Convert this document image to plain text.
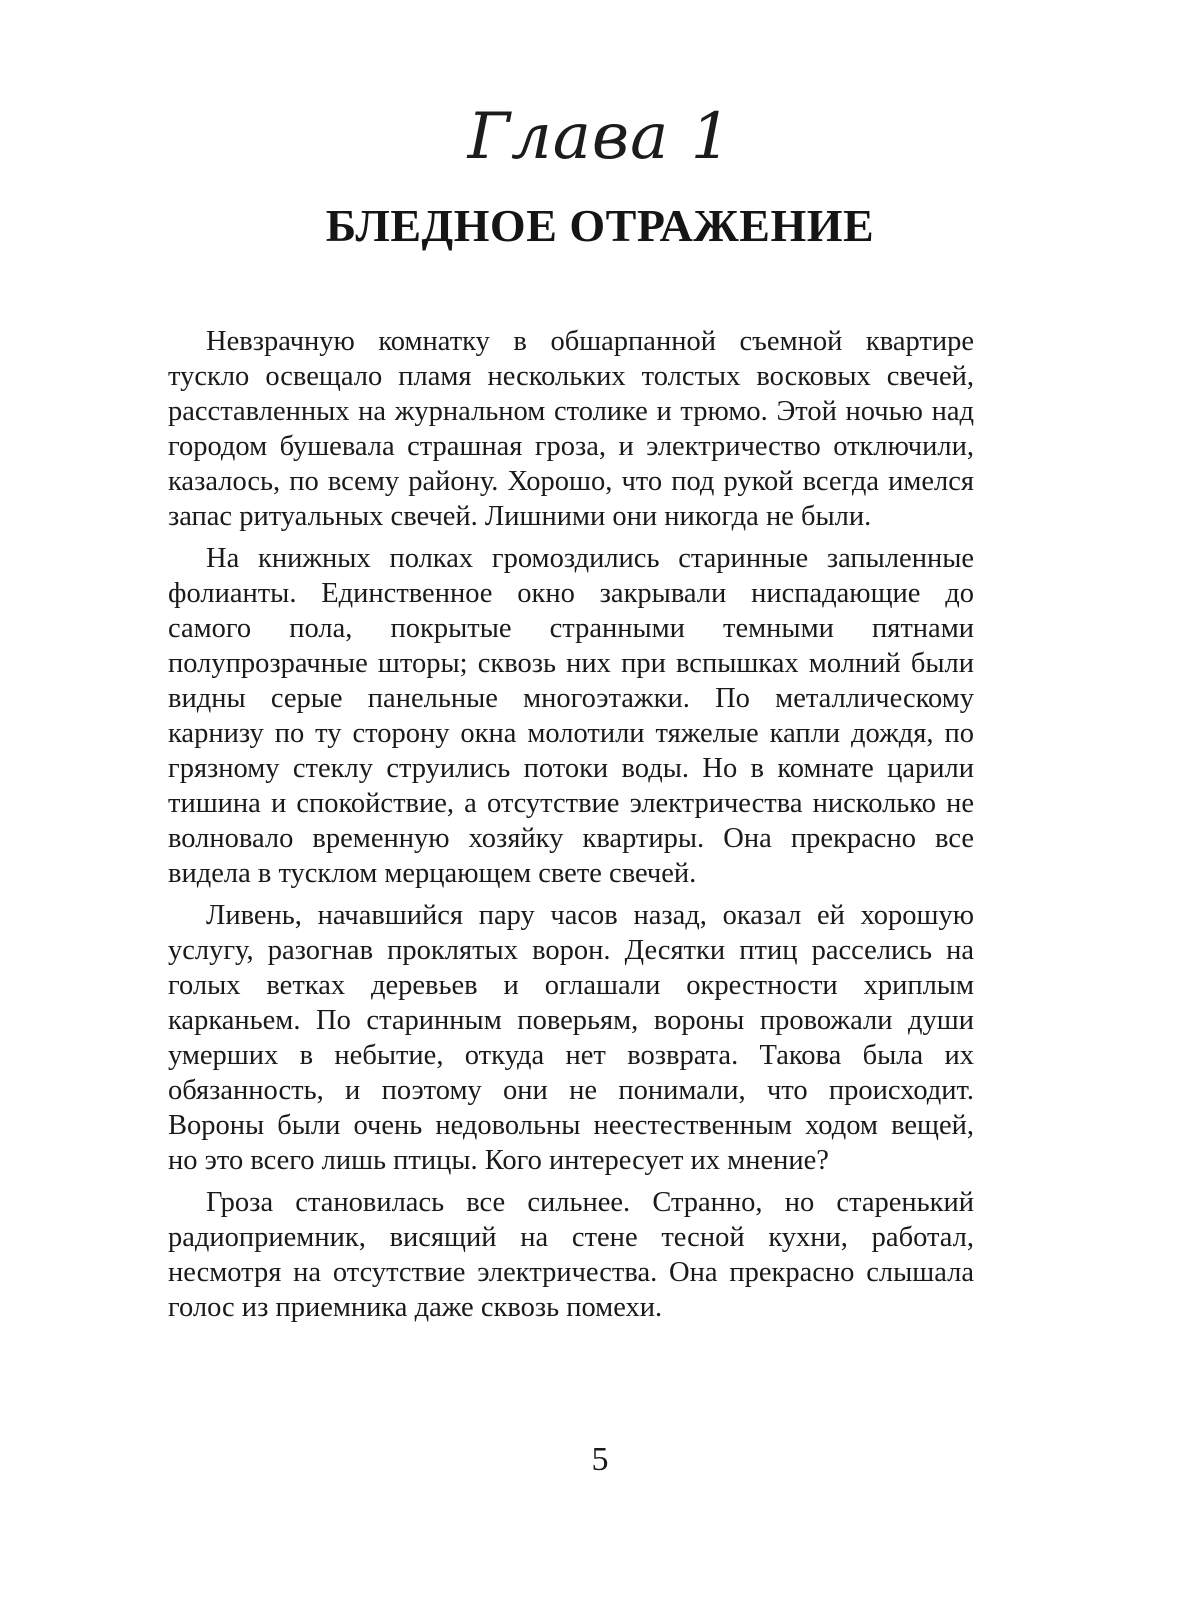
Глава 1
БЛЕДНОЕ ОТРАЖЕНИЕ

Невзрачную комнатку в обшарпанной съемной квартире тускло освещало пламя нескольких толстых восковых свечей, расставленных на журнальном столике и трюмо. Этой ночью над городом бушевала страшная гроза, и электричество отключили, казалось, по всему району. Хорошо, что под рукой всегда имелся запас ритуальных свечей. Лишними они никогда не были.

На книжных полках громоздились старинные запыленные фолианты. Единственное окно закрывали ниспадающие до самого пола, покрытые странными темными пятнами полупрозрачные шторы; сквозь них при вспышках молний были видны серые панельные многоэтажки. По металлическому карнизу по ту сторону окна молотили тяжелые капли дождя, по грязному стеклу струились потоки воды. Но в комнате царили тишина и спокойствие, а отсутствие электричества нисколько не волновало временную хозяйку квартиры. Она прекрасно все видела в тусклом мерцающем свете свечей.

Ливень, начавшийся пару часов назад, оказал ей хорошую услугу, разогнав проклятых ворон. Десятки птиц расселись на голых ветках деревьев и оглашали окрестности хриплым карканьем. По старинным поверьям, вороны провожали души умерших в небытие, откуда нет возврата. Такова была их обязанность, и поэтому они не понимали, что происходит. Вороны были очень недовольны неестественным ходом вещей, но это всего лишь птицы. Кого интересует их мнение?

Гроза становилась все сильнее. Странно, но старенький радиоприемник, висящий на стене тесной кухни, работал, несмотря на отсутствие электричества. Она прекрасно слышала голос из приемника даже сквозь помехи.

5
